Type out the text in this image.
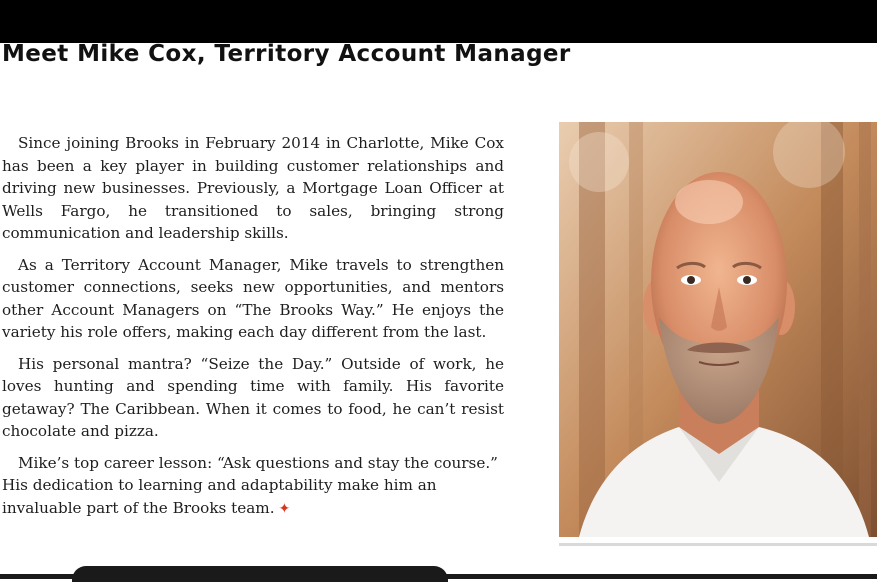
Meet Mike Cox, Territory Account Manager

Since joining Brooks in February 2014 in Charlotte, Mike Cox has been a key player in building customer relationships and driving new businesses. Previously, a Mortgage Loan Officer at Wells Fargo, he transitioned to sales, bringing strong communication and leadership skills.

As a Territory Account Manager, Mike travels to strengthen customer connections, seeks new opportunities, and mentors other Account Managers on “The Brooks Way.” He enjoys the variety his role offers, making each day different from the last.

His personal mantra? “Seize the Day.” Outside of work, he loves hunting and spending time with family. His favorite getaway? The Caribbean. When it comes to food, he can’t resist chocolate and pizza.

Mike’s top career lesson: “Ask questions and stay the course.” His dedication to learning and adaptability make him an invaluable part of the Brooks team. ✦
